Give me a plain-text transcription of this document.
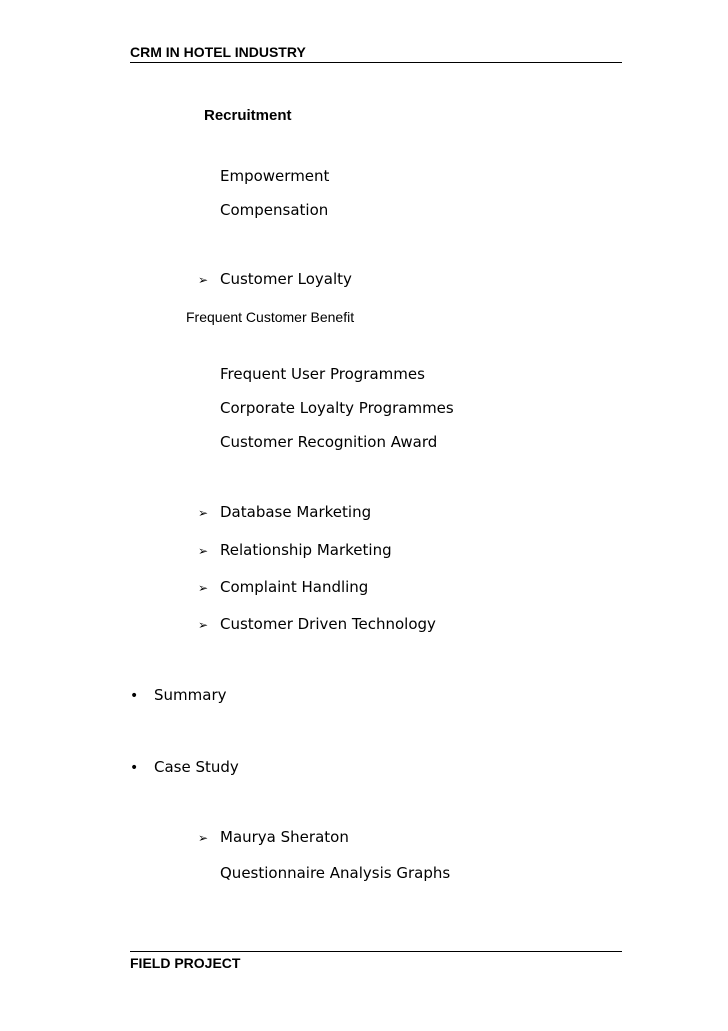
CRM IN HOTEL INDUSTRY
Recruitment
Empowerment
Compensation
➢ Customer Loyalty
Frequent Customer Benefit
Frequent User Programmes
Corporate Loyalty Programmes
Customer Recognition Award
➢ Database Marketing
➢ Relationship Marketing
➢ Complaint Handling
➢ Customer Driven Technology
• Summary
• Case Study
➢ Maurya Sheraton
Questionnaire Analysis Graphs
FIELD PROJECT
